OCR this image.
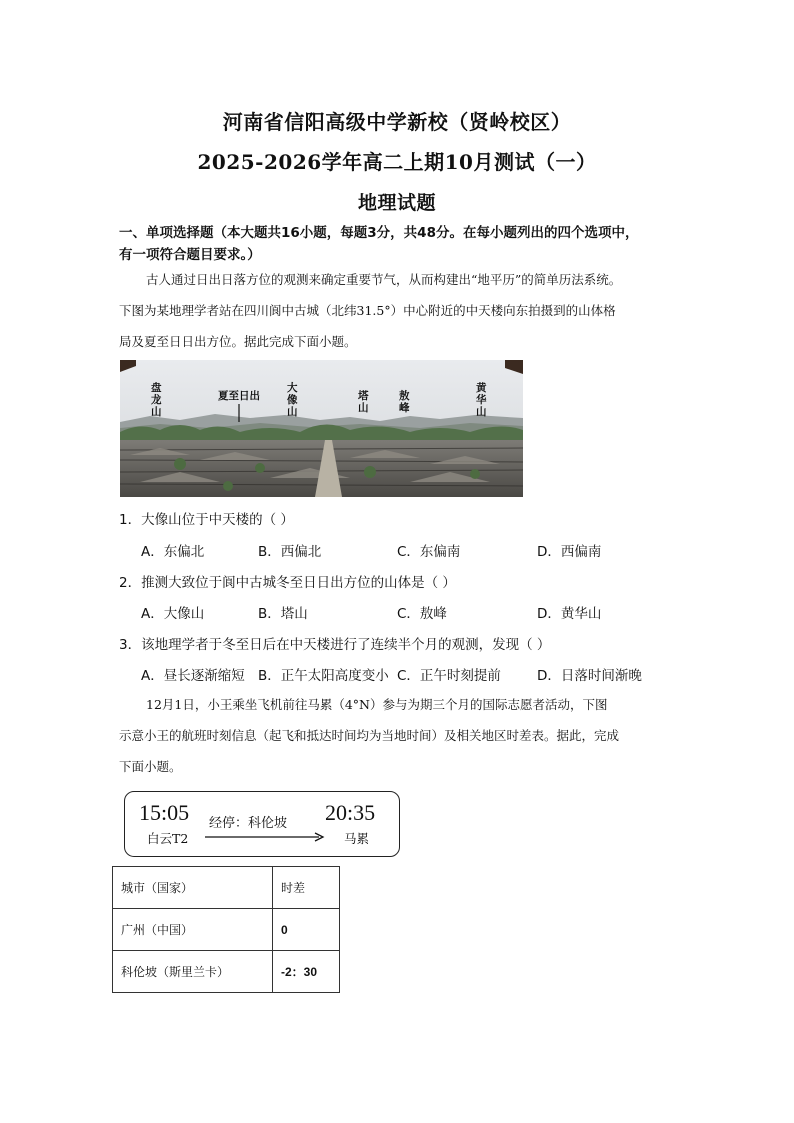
河南省信阳高级中学新校（贤岭校区）
2025-2026学年高二上期10月测试（一）
地理试题
一、单项选择题（本大题共16小题，每题3分，共48分。在每小题列出的四个选项中，
有一项符合题目要求。）
古人通过日出日落方位的观测来确定重要节气，从而构建出“地平历”的简单历法系统。
下图为某地理学者站在四川阆中古城（北纬31.5°）中心附近的中天楼向东拍摄到的山体格
局及夏至日日出方位。据此完成下面小题。
盘龙山
夏至日出
大像山
塔山
敖峰
黄华山
1．大像山位于中天楼的（ ）
A．东偏北	B．西偏北	C．东偏南	D．西偏南
2．推测大致位于阆中古城冬至日日出方位的山体是（ ）
A．大像山	B．塔山	C．敖峰	D．黄华山
3．该地理学者于冬至日后在中天楼进行了连续半个月的观测，发现（ ）
A．昼长逐渐缩短 B．正午太阳高度变小 C．正午时刻提前	D．日落时间渐晚
12月1日，小王乘坐飞机前往马累（4°N）参与为期三个月的国际志愿者活动，下图
示意小王的航班时刻信息（起飞和抵达时间均为当地时间）及相关地区时差表。据此，完成
下面小题。
15:05
白云T2
经停：科伦坡 20:35
马累
城市（国家）	时差
广州（中国）	0
科伦坡（斯里兰卡）	-2：30
